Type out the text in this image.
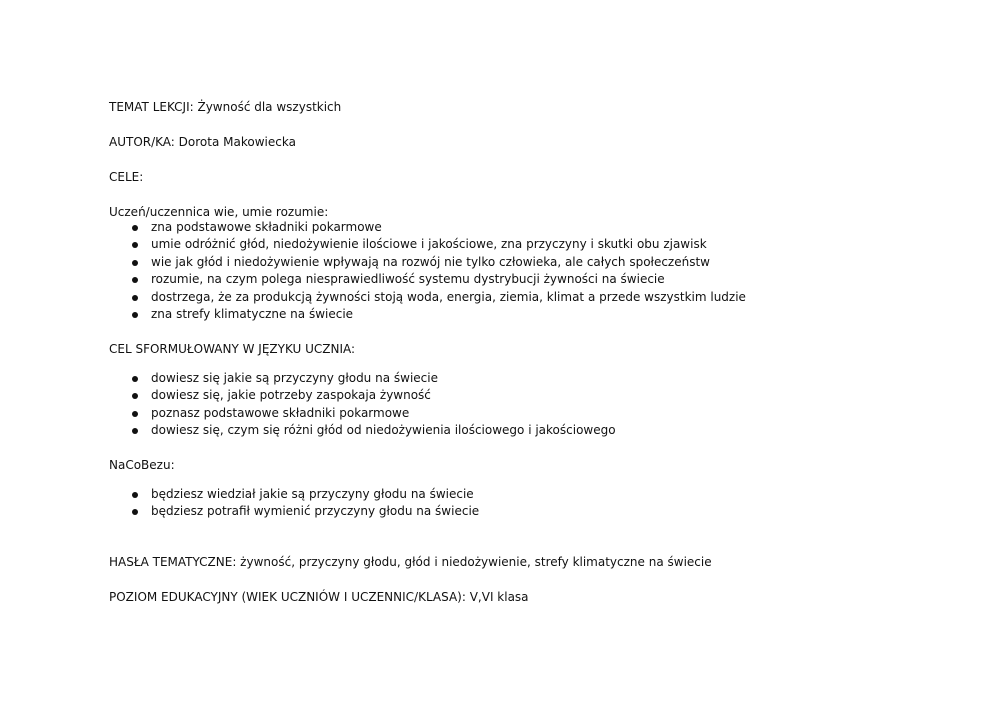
TEMAT LEKCJI: Żywność dla wszystkich
AUTOR/KA: Dorota Makowiecka
CELE:
Uczeń/uczennica wie, umie rozumie:
zna podstawowe składniki pokarmowe
umie odróżnić głód, niedożywienie ilościowe i jakościowe, zna przyczyny i skutki obu zjawisk
wie jak głód i niedożywienie wpływają na rozwój nie tylko człowieka, ale całych społeczeństw
rozumie, na czym polega niesprawiedliwość systemu dystrybucji żywności na świecie
dostrzega, że za produkcją żywności stoją woda, energia, ziemia, klimat a przede wszystkim ludzie
zna strefy klimatyczne na świecie
CEL SFORMUŁOWANY W JĘZYKU UCZNIA:
dowiesz się jakie są przyczyny głodu na świecie
dowiesz się, jakie potrzeby zaspokaja żywność
poznasz podstawowe składniki pokarmowe
dowiesz się, czym się różni głód od niedożywienia ilościowego i jakościowego
NaCoBezu:
będziesz wiedział jakie są przyczyny głodu na świecie
będziesz potrafił wymienić przyczyny głodu na świecie
HASŁA TEMATYCZNE: żywność, przyczyny głodu, głód i niedożywienie, strefy klimatyczne na świecie
POZIOM EDUKACYJNY (WIEK UCZNIÓW I UCZENNIC/KLASA): V,VI klasa
